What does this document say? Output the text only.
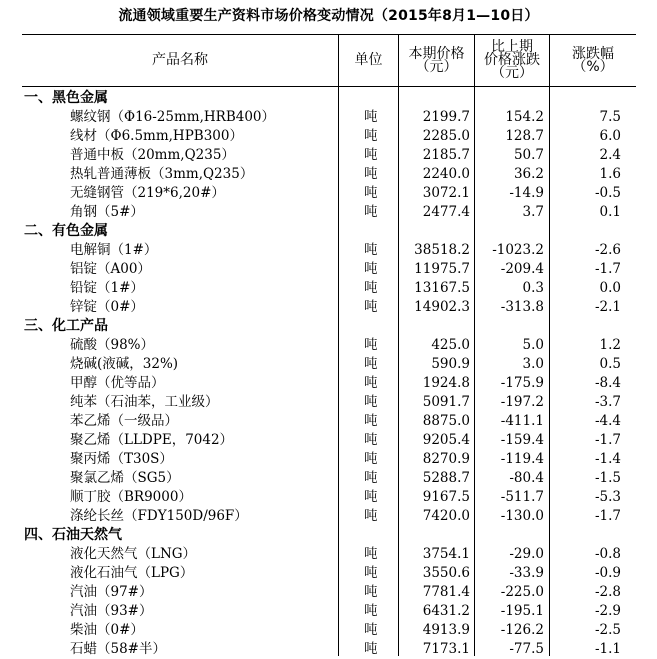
流通领域重要生产资料市场价格变动情况（2015年8月1—10日）
产品名称	单位 本期价格
（元）
比上期
价格涨跌
（元）
涨跌幅
（%）
一、黑色金属
螺纹钢（Φ16-25mm,HRB400）	吨	2199.7	154.2	7.5
线材（Φ6.5mm,HPB300）	吨	2285.0	128.7	6.0
普通中板（20mm,Q235）	吨	2185.7	50.7	2.4
热轧普通薄板（3mm,Q235）	吨	2240.0	36.2	1.6
无缝钢管（219*6,20#）	吨	3072.1	-14.9	-0.5
角钢（5#）	吨	2477.4	3.7	0.1
二、有色金属
电解铜（1#）	吨	38518.2 -1023.2	-2.6
铝锭（A00）	吨	11975.7 -209.4	-1.7
铅锭（1#）	吨	13167.5	0.3	0.0
锌锭（0#）	吨	14902.3 -313.8	-2.1
三、化工产品
硫酸（98%）	吨	425.0	5.0	1.2
烧碱(液碱，32%)	吨	590.9	3.0	0.5
甲醇（优等品）	吨	1924.8 -175.9	-8.4
纯苯（石油苯，工业级）	吨	5091.7 -197.2	-3.7
苯乙烯（一级品）	吨	8875.0 -411.1	-4.4
聚乙烯（LLDPE，7042）	吨	9205.4 -159.4	-1.7
聚丙烯（T30S）	吨	8270.9 -119.4	-1.4
聚氯乙烯（SG5）	吨	5288.7	-80.4	-1.5
顺丁胶（BR9000）	吨	9167.5 -511.7	-5.3
涤纶长丝（FDY150D/96F）	吨	7420.0 -130.0	-1.7
四、石油天然气
液化天然气（LNG）	吨	3754.1	-29.0	-0.8
液化石油气（LPG）	吨	3550.6	-33.9	-0.9
汽油（97#）	吨	7781.4 -225.0	-2.8
汽油（93#）	吨	6431.2 -195.1	-2.9
柴油（0#）	吨	4913.9 -126.2	-2.5
石蜡（58#半）	吨	7173.1	-77.5	-1.1
